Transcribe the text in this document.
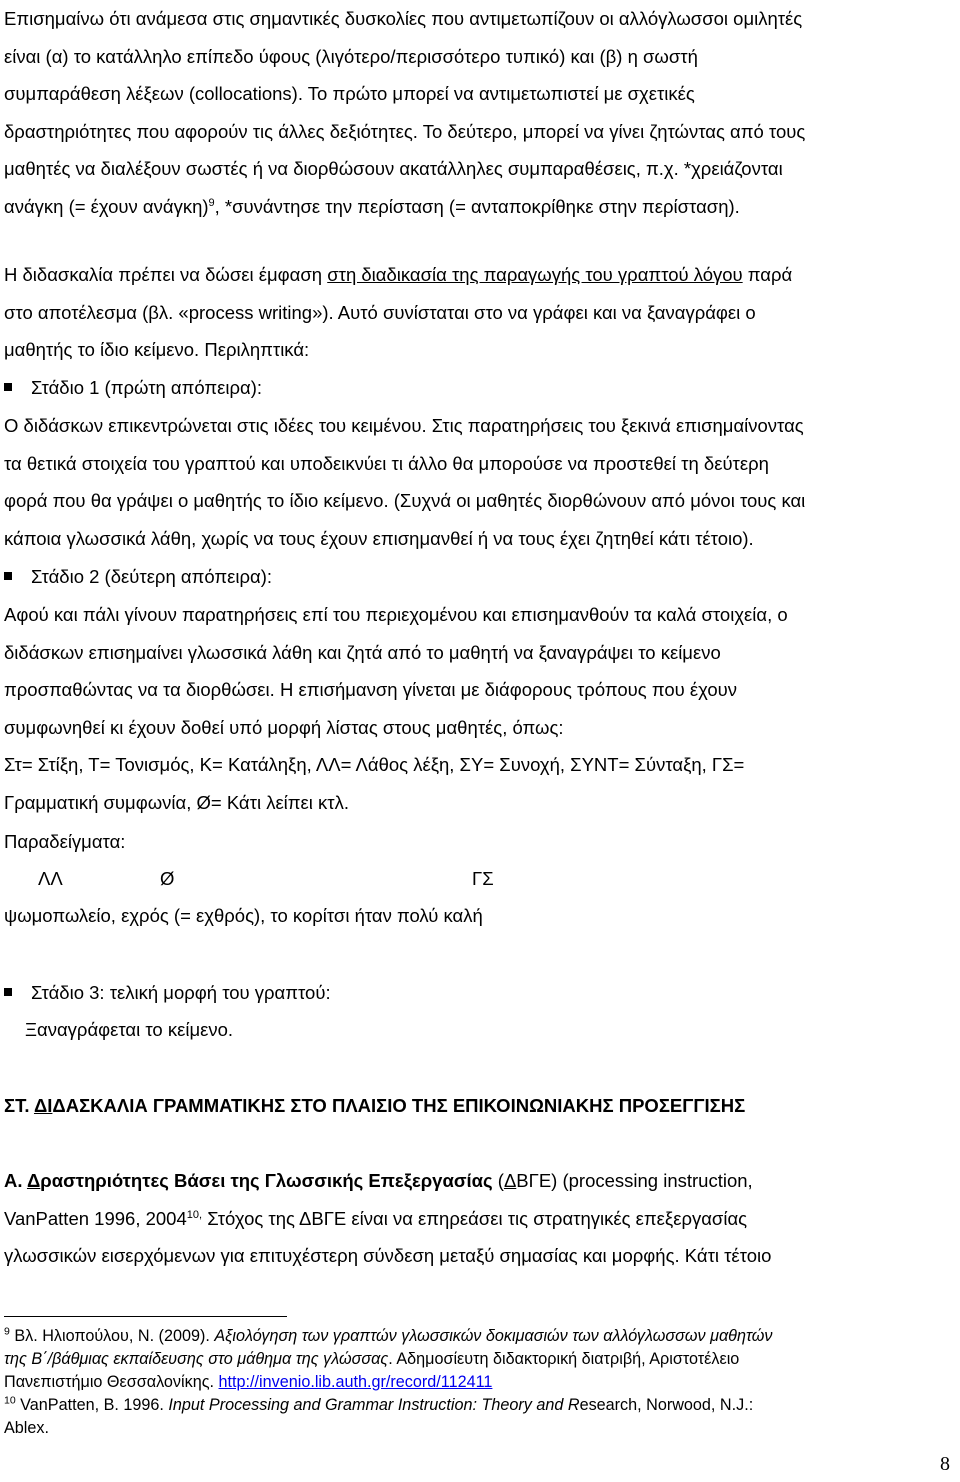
Επισημαίνω ότι ανάμεσα στις σημαντικές δυσκολίες που αντιμετωπίζουν οι αλλόγλωσσοι ομιλητές
είναι (α) το κατάλληλο επίπεδο ύφους (λιγότερο/περισσότερο τυπικό) και (β) η σωστή
συμπαράθεση λέξεων (collocations). Το πρώτο μπορεί να αντιμετωπιστεί με σχετικές
δραστηριότητες που αφορούν τις άλλες δεξιότητες. Το δεύτερο, μπορεί να γίνει ζητώντας από τους
μαθητές να διαλέξουν σωστές ή να διορθώσουν ακατάλληλες συμπαραθέσεις, π.χ. *χρειάζονται
ανάγκη (= έχουν ανάγκη)$^9$, *συνάντησε την περίσταση (= ανταποκρίθηκε στην περίσταση).
Η διδασκαλία πρέπει να δώσει έμφαση στη διαδικασία της παραγωγής του γραπτού λόγου παρά
στο αποτέλεσμα (βλ. «process writing»). Αυτό συνίσταται στο να γράφει και να ξαναγράφει ο
μαθητής το ίδιο κείμενο. Περιληπτικά:
Στάδιο 1 (πρώτη απόπειρα):
Ο διδάσκων επικεντρώνεται στις ιδέες του κειμένου. Στις παρατηρήσεις του ξεκινά επισημαίνοντας
τα θετικά στοιχεία του γραπτού και υποδεικνύει τι άλλο θα μπορούσε να προστεθεί τη δεύτερη
φορά που θα γράψει ο μαθητής το ίδιο κείμενο. (Συχνά οι μαθητές διορθώνουν από μόνοι τους και
κάποια γλωσσικά λάθη, χωρίς να τους έχουν επισημανθεί ή να τους έχει ζητηθεί κάτι τέτοιο).
Στάδιο 2 (δεύτερη απόπειρα):
Αφού και πάλι γίνουν παρατηρήσεις επί του περιεχομένου και επισημανθούν τα καλά στοιχεία, ο
διδάσκων επισημαίνει γλωσσικά λάθη και ζητά από το μαθητή να ξαναγράψει το κείμενο
προσπαθώντας να τα διορθώσει. Η επισήμανση γίνεται με διάφορους τρόπους που έχουν
συμφωνηθεί κι έχουν δοθεί υπό μορφή λίστας στους μαθητές, όπως:
Στ= Στίξη, Τ= Τονισμός, Κ= Κατάληξη, ΛΛ= Λάθος λέξη, ΣΥ= Συνοχή, ΣΥΝΤ= Σύνταξη, ΓΣ=
Γραμματική συμφωνία, Ø= Κάτι λείπει κτλ.
Παραδείγματα:
ΛΛ	Ø	ΓΣ
ψωμοπωλείο, εχρός (= εχθρός), το κορίτσι ήταν πολύ καλή
Στάδιο 3: τελική μορφή του γραπτού:
Ξαναγράφεται το κείμενο.
ΣΤ. ΔΙΔΑΣΚΑΛΙΑ ΓΡΑΜΜΑΤΙΚΗΣ ΣΤΟ ΠΛΑΙΣΙΟ ΤΗΣ ΕΠΙΚΟΙΝΩΝΙΑΚΗΣ ΠΡΟΣΕΓΓΙΣΗΣ
Α. Δραστηριότητες Βάσει της Γλωσσικής Επεξεργασίας (ΔΒΓΕ) (processing instruction,
VanPatten 1996, $2004^{10,}$ Στόχος της ΔΒΓΕ είναι να επηρεάσει τις στρατηγικές επεξεργασίας
γλωσσικών εισερχόμενων για επιτυχέστερη σύνδεση μεταξύ σημασίας και μορφής. Κάτι τέτοιο

$^9$ Βλ. Ηλιοπούλου, Ν. (2009). Αξιολόγηση των γραπτών γλωσσικών δοκιμασιών των αλλόγλωσσων μαθητών
της Β΄/βάθμιας εκπαίδευσης στο μάθημα της γλώσσας. Αδημοσίευτη διδακτορική διατριβή, Αριστοτέλειο
Πανεπιστήμιο Θεσσαλονίκης. http://invenio.lib.auth.gr/record/112411

$^{10}$ VanPatten, B. 1996. Input Processing and Grammar Instruction: Theory and Research, Norwood, N.J.:
Ablex.

8
